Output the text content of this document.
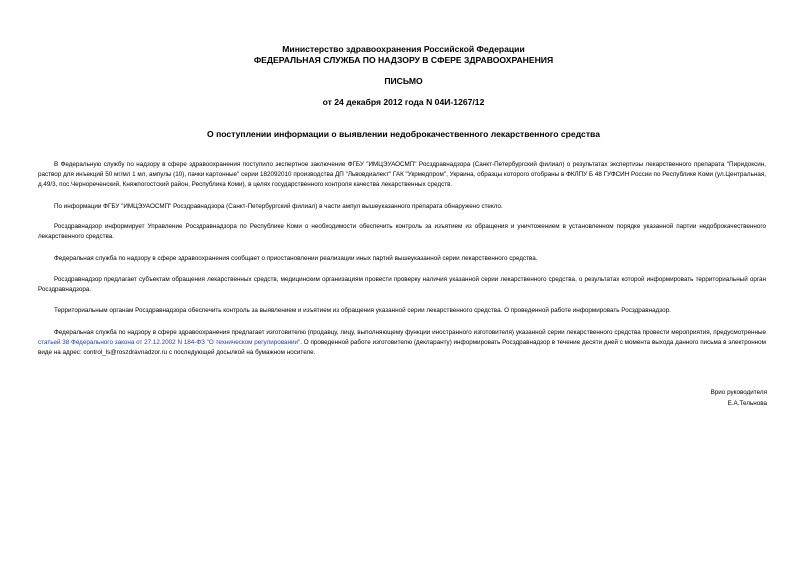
Министерство здравоохранения Российской Федерации
ФЕДЕРАЛЬНАЯ СЛУЖБА ПО НАДЗОРУ В СФЕРЕ ЗДРАВООХРАНЕНИЯ
ПИСЬМО
от 24 декабря 2012 года N 04И-1267/12
О поступлении информации о выявлении недоброкачественного лекарственного средства
В Федеральную службу по надзору в сфере здравоохранения поступило экспертное заключение ФГБУ "ИМЦЭУАОСМП" Росздравнадзора (Санкт-Петербургский филиал) о результатах экспертизы лекарственного препарата "Пиридоксин, раствор для инъекций 50 мг/мл 1 мл, ампулы (10), пачки картонные" серии 182092010 производства ДП "Львовдиалект" ГАК "Укрмедпром", Украина, образцы которого отобраны в ФКЛПУ Б 48 ГУФСИН России по Республике Коми (ул.Центральная, д.49/3, пос.Чернореченский, Княжпогостский район, Республика Коми), в целях государственного контроля качества лекарственных средств.
По информации ФГБУ "ИМЦЭУАОСМП" Росздравнадзора (Санкт-Петербургский филиал) в части ампул вышеуказанного препарата обнаружено стекло.
Росздравнадзор информирует Управление Росздравнадзора по Республике Коми о необходимости обеспечить контроль за изъятием из обращения и уничтожением в установленном порядке указанной партии недоброкачественного лекарственного средства.
Федеральная служба по надзору в сфере здравоохранения сообщает о приостановлении реализации иных партий вышеуказанной серии лекарственного средства.
Росздравнадзор предлагает субъектам обращения лекарственных средств, медицинским организациям провести проверку наличия указанной серии лекарственного средства, о результатах которой информировать территориальный орган Росздравнадзора.
Территориальным органам Росздравнадзора обеспечить контроль за выявлением и изъятием из обращения указанной серии лекарственного средства. О проведенной работе информировать Росздравнадзор.
Федеральная служба по надзору в сфере здравоохранения предлагает изготовителю (продавцу, лицу, выполняющему функции иностранного изготовителя) указанной серии лекарственного средства провести мероприятия, предусмотренные статьей 38 Федерального закона от 27.12.2002 N 184-ФЗ "О техническом регулировании". О проведенной работе изготовителю (декларанту) информировать Росздравнадзор в течение десяти дней с момента выхода данного письма в электронном виде на адрес: control_ls@roszdravnadzor.ru с последующей досылкой на бумажном носителе.
Врио руководителя
Е.А.Тельнова
